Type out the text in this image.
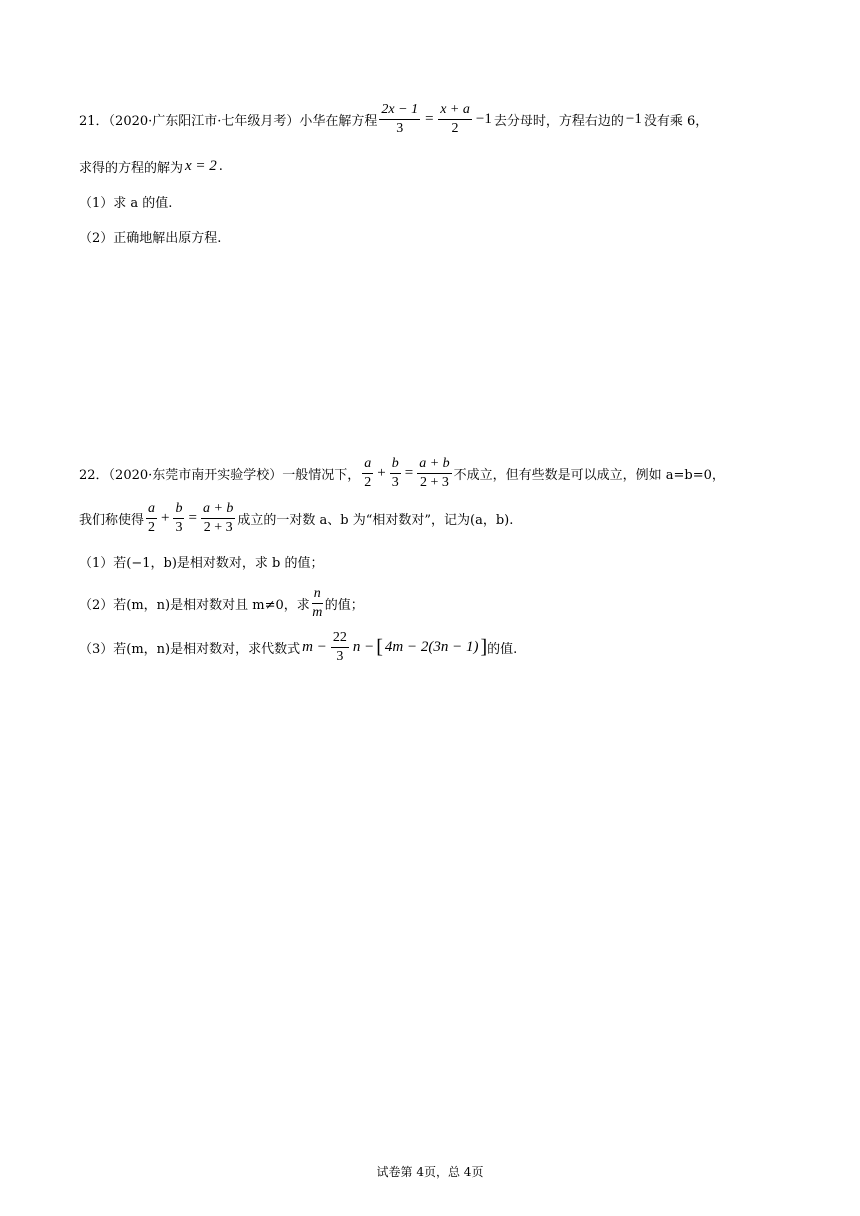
21．（2020·广东阳江市·七年级月考）小华在解方程 $\frac{2x - 1}{3} = \frac{x + a}{2} -1$ 去分母时，方程右边的 −1 没有乘 6，
求得的方程的解为 x = 2 .
（1）求 a 的值.
（2）正确地解出原方程.
22．（2020·东莞市南开实验学校）一般情况下， $\frac{a}{2} + \frac{b}{3} = \frac{a + b}{2 + 3}$ 不成立，但有些数是可以成立，例如 a=b=0，
我们称使得 $\frac{a}{2} + \frac{b}{3} = \frac{a + b}{2 + 3}$ 成立的一对数 a、b 为“相对数对”，记为(a，b).
（1）若(−1，b)是相对数对，求 b 的值；
（2）若(m，n)是相对数对且 m≠0，求 $\frac{n}{m}$ 的值；
（3）若(m，n)是相对数对，求代数式 $m - \frac{22}{3}$ n − [ 4m − 2(3n − 1) ] 的值.
试卷第 4页，总 4页
